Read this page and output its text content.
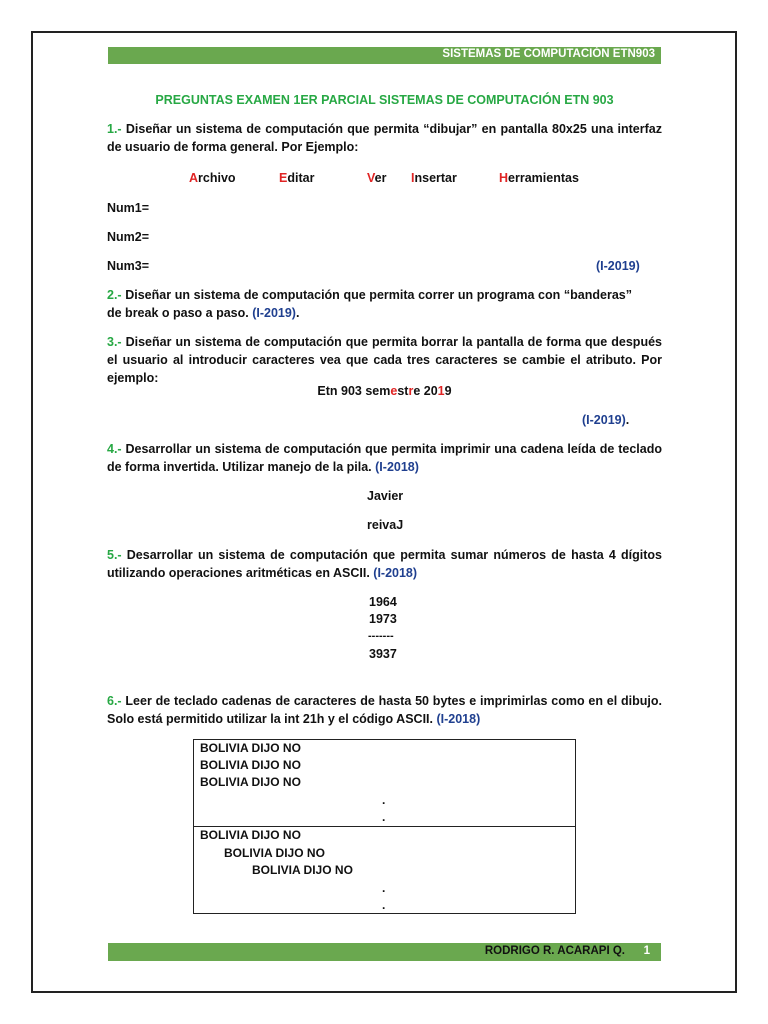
SISTEMAS DE COMPUTACIÓN ETN903
PREGUNTAS EXAMEN 1ER PARCIAL SISTEMAS DE COMPUTACIÓN ETN 903
1.- Diseñar un sistema de computación que permita “dibujar” en pantalla 80x25 una interfaz de usuario de forma general. Por Ejemplo:
Archivo	Editar	Ver Insertar	Herramientas
Num1=
Num2=
Num3=	(I-2019)
2.- Diseñar un sistema de computación que permita correr un programa con “banderas” de break o paso a paso. (I-2019).
3.- Diseñar un sistema de computación que permita borrar la pantalla de forma que después el usuario al introducir caracteres vea que cada tres caracteres se cambie el atributo. Por ejemplo:
Etn 903 semestre 2019
(I-2019).
4.- Desarrollar un sistema de computación que permita imprimir una cadena leída de teclado de forma invertida. Utilizar manejo de la pila. (I-2018)
Javier
reivaJ
5.- Desarrollar un sistema de computación que permita sumar números de hasta 4 dígitos utilizando operaciones aritméticas en ASCII. (I-2018)
1964
1973
-------
3937
6.- Leer de teclado cadenas de caracteres de hasta 50 bytes e imprimirlas como en el dibujo. Solo está permitido utilizar la int 21h y el código ASCII. (I-2018)
BOLIVIA DIJO NO
BOLIVIA DIJO NO
BOLIVIA DIJO NO
.
.
BOLIVIA DIJO NO
BOLIVIA DIJO NO
BOLIVIA DIJO NO
.
.
RODRIGO R. ACARAPI Q. 1
